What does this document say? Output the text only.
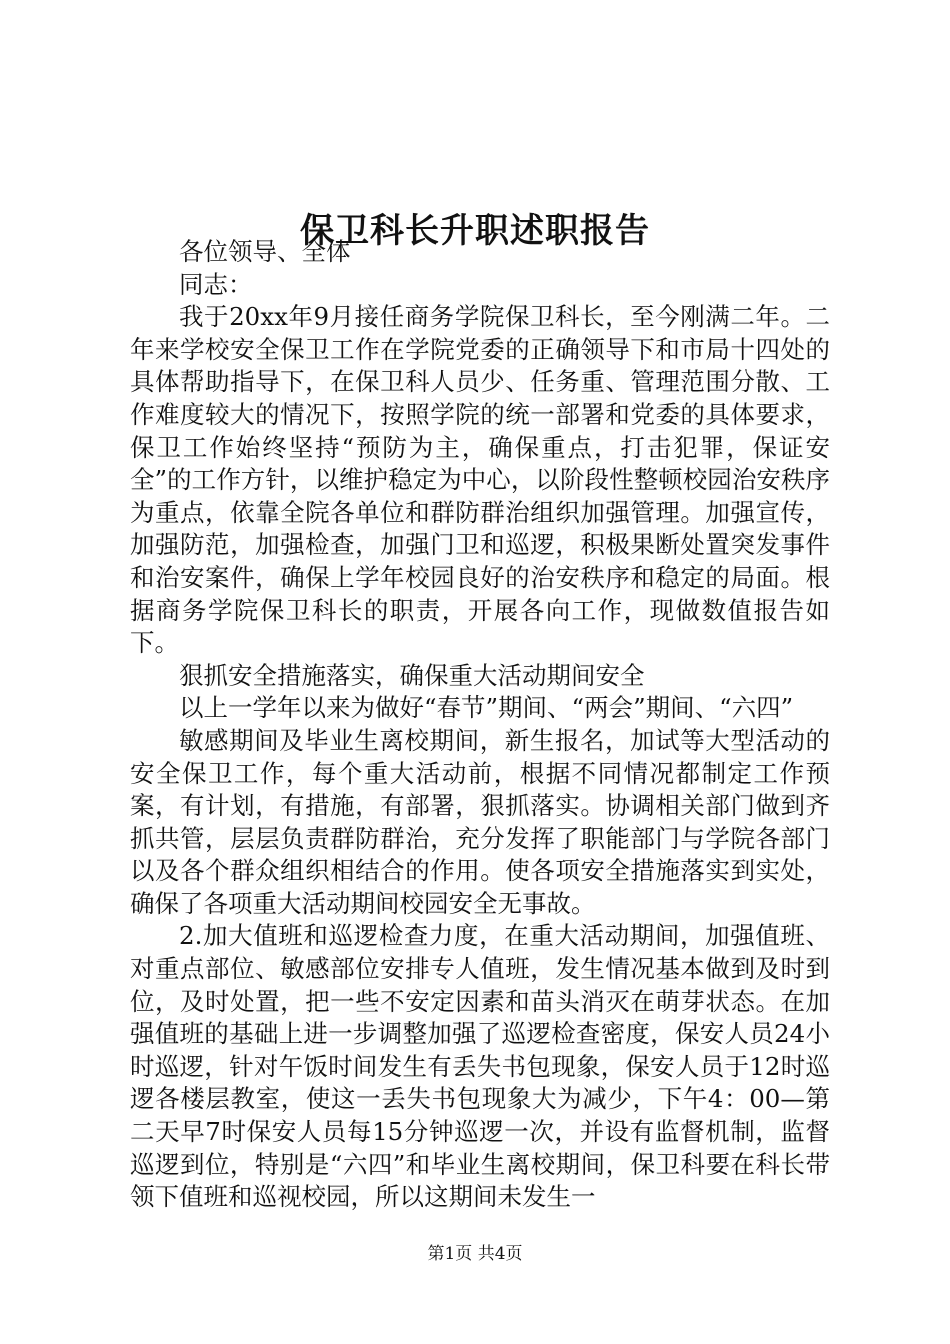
保卫科长升职述职报告

各位领导、全体

同志：

我于20xx年9月接任商务学院保卫科长，至今刚满二年。二年来学校安全保卫工作在学院党委的正确领导下和市局十四处的具体帮助指导下，在保卫科人员少、任务重、管理范围分散、工作难度较大的情况下，按照学院的统一部署和党委的具体要求，保卫工作始终坚持“预防为主，确保重点，打击犯罪，保证安全”的工作方针，以维护稳定为中心，以阶段性整顿校园治安秩序为重点，依靠全院各单位和群防群治组织加强管理。加强宣传，加强防范，加强检查，加强门卫和巡逻，积极果断处置突发事件和治安案件，确保上学年校园良好的治安秩序和稳定的局面。根据商务学院保卫科长的职责，开展各向工作，现做数值报告如下。

狠抓安全措施落实，确保重大活动期间安全

以上一学年以来为做好“春节”期间、“两会”期间、“六四”

敏感期间及毕业生离校期间，新生报名，加试等大型活动的安全保卫工作，每个重大活动前，根据不同情况都制定工作预案，有计划，有措施，有部署，狠抓落实。协调相关部门做到齐抓共管，层层负责群防群治，充分发挥了职能部门与学院各部门以及各个群众组织相结合的作用。使各项安全措施落实到实处，确保了各项重大活动期间校园安全无事故。

2.加大值班和巡逻检查力度，在重大活动期间，加强值班、对重点部位、敏感部位安排专人值班，发生情况基本做到及时到位，及时处置，把一些不安定因素和苗头消灭在萌芽状态。在加强值班的基础上进一步调整加强了巡逻检查密度，保安人员24小时巡逻，针对午饭时间发生有丢失书包现象，保安人员于12时巡逻各楼层教室，使这一丢失书包现象大为减少，下午4：00—第二天早7时保安人员每15分钟巡逻一次，并设有监督机制，监督巡逻到位，特别是“六四”和毕业生离校期间，保卫科要在科长带领下值班和巡视校园，所以这期间未发生一

第1页 共4页
